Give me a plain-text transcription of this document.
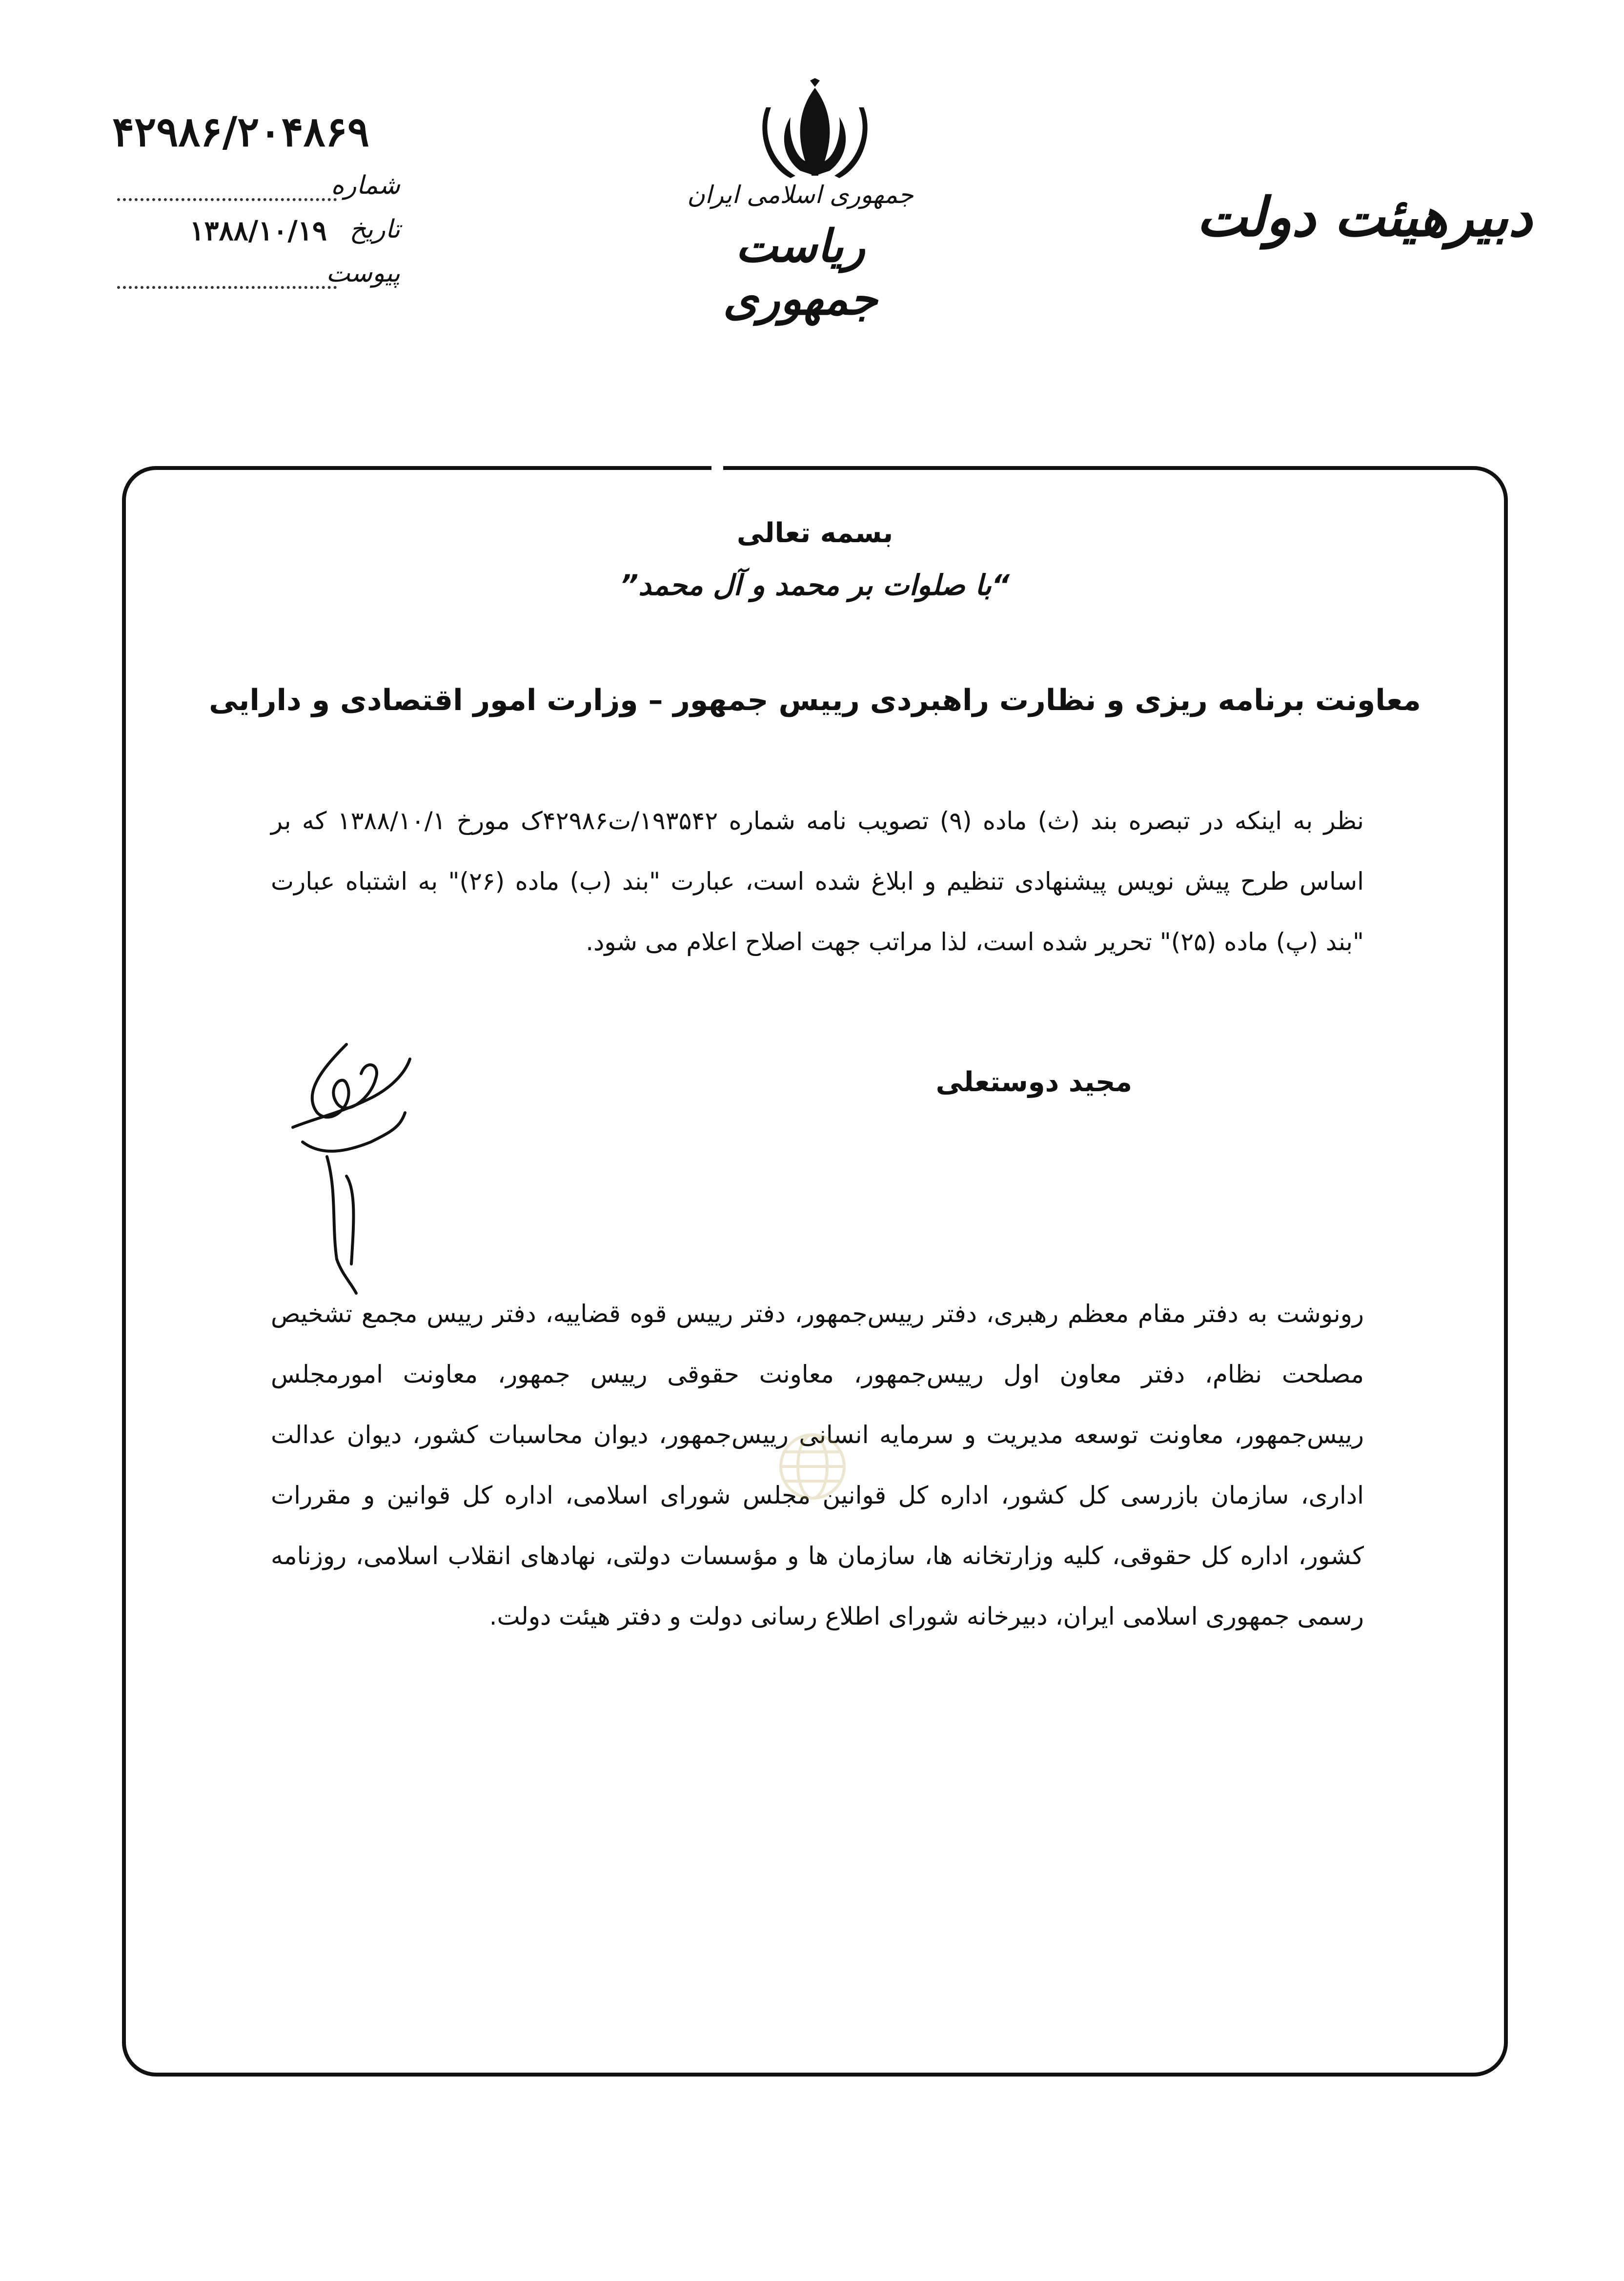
۴۲۹۸۶/۲۰۴۸۶۹
شماره
تاریخ
۱۳۸۸/۱۰/۱۹
پیوست
جمهوری اسلامی ایران
ریاست جمهوری
دبیرهیئت دولت
بسمه تعالی
“با صلوات بر محمد و آل محمد”
معاونت برنامه ریزی و نظارت راهبردی رییس جمهور – وزارت امور اقتصادی و دارایی
نظر به اینکه در تبصره بند (ث) ماده (۹) تصویب نامه شماره ۱۹۳۵۴۲/ت۴۲۹۸۶ک مورخ ۱۳۸۸/۱۰/۱ که بر اساس طرح پیش نویس پیشنهادی تنظیم و ابلاغ شده است، عبارت "بند (ب) ماده (۲۶)" به اشتباه عبارت "بند (پ) ماده (۲۵)" تحریر شده است، لذا مراتب جهت اصلاح اعلام می شود.
مجید دوستعلی
رونوشت به دفتر مقام معظم رهبری، دفتر رییس‌جمهور، دفتر رییس قوه قضاییه، دفتر رییس مجمع تشخیص مصلحت نظام، دفتر معاون اول رییس‌جمهور، معاونت حقوقی رییس جمهور، معاونت امورمجلس رییس‌جمهور، معاونت توسعه مدیریت و سرمایه انسانی رییس‌جمهور، دیوان محاسبات کشور، دیوان عدالت اداری، سازمان بازرسی کل کشور، اداره کل قوانین مجلس شورای اسلامی، اداره کل قوانین و مقررات کشور، اداره کل حقوقی، کلیه وزارتخانه ها، سازمان ها و مؤسسات دولتی، نهادهای انقلاب اسلامی، روزنامه رسمی جمهوری اسلامی ایران، دبیرخانه شورای اطلاع رسانی دولت و دفتر هیئت دولت.
